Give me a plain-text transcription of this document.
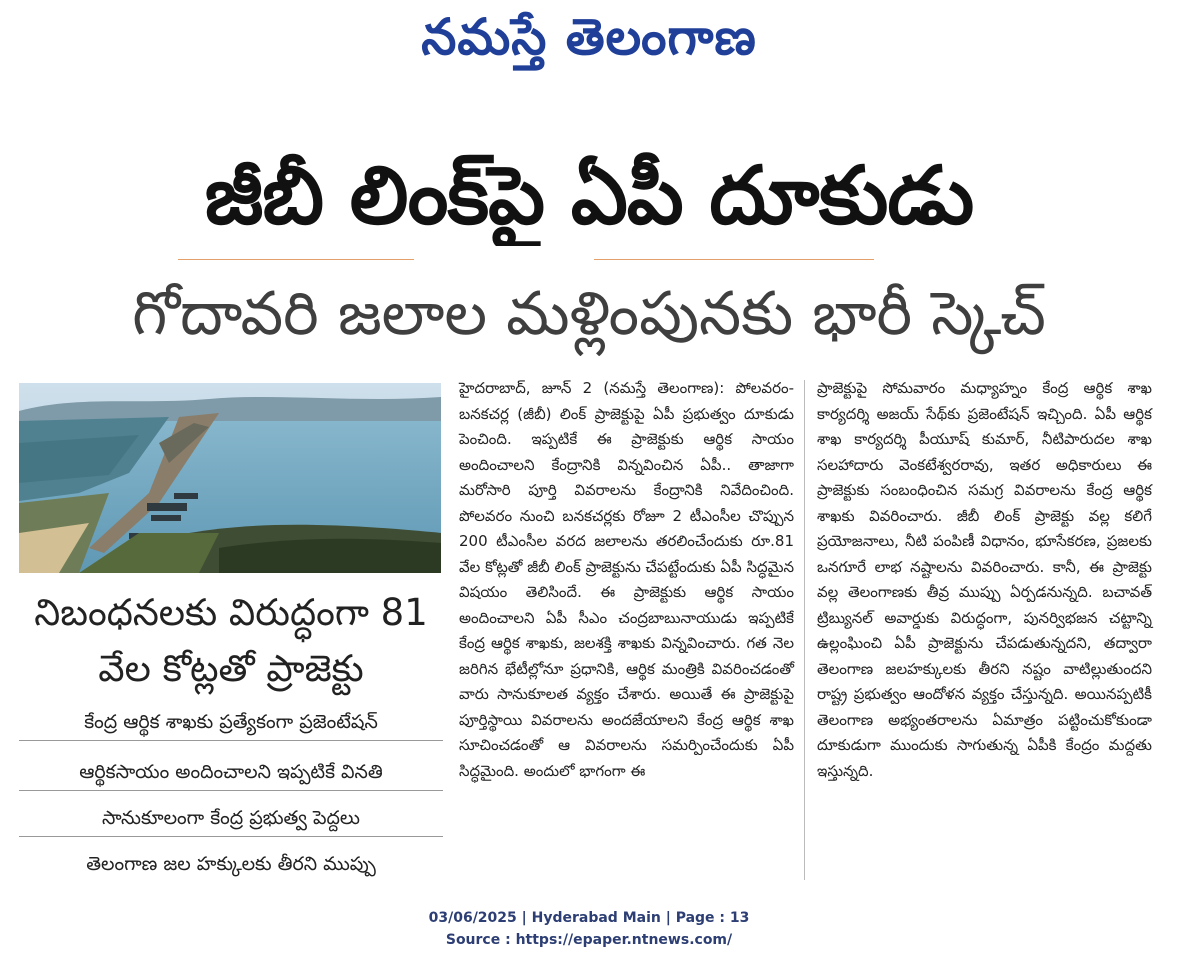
నమస్తే తెలంగాణ
జీబీ లింక్‌పై ఏపీ దూకుడు
గోదావరి జలాల మళ్లింపునకు భారీ స్కెచ్
నిబంధనలకు విరుద్ధంగా 81 వేల కోట్లతో ప్రాజెక్టు
కేంద్ర ఆర్థిక శాఖకు ప్రత్యేకంగా ప్రజెంటేషన్
ఆర్థికసాయం అందించాలని ఇప్పటికే వినతి
సానుకూలంగా కేంద్ర ప్రభుత్వ పెద్దలు
తెలంగాణ జల హక్కులకు తీరని ముప్పు

హైదరాబాద్, జూన్ 2 (నమస్తే తెలంగాణ): పోలవరం-బనకచర్ల (జీబీ) లింక్ ప్రాజెక్టుపై ఏపీ ప్రభుత్వం దూకుడు పెంచింది. ఇప్పటికే ఈ ప్రాజెక్టుకు ఆర్థిక సాయం అందించాలని కేంద్రానికి విన్నవించిన ఏపీ.. తాజాగా మరోసారి పూర్తి వివరాలను కేంద్రానికి నివేదించింది. పోలవరం నుంచి బనకచర్లకు రోజూ 2 టీఎంసీల చొప్పున 200 టీఎంసీల వరద జలాలను తరలించేందుకు రూ.81 వేల కోట్లతో జీబీ లింక్ ప్రాజెక్టును చేపట్టేందుకు ఏపీ సిద్ధమైన విషయం తెలిసిందే. ఈ ప్రాజెక్టుకు ఆర్థిక సాయం అందించాలని ఏపీ సీఎం చంద్రబాబునాయుడు ఇప్పటికే కేంద్ర ఆర్థిక శాఖకు, జలశక్తి శాఖకు విన్నవించారు. గత నెల జరిగిన భేటీల్లోనూ ప్రధానికి, ఆర్థిక మంత్రికి వివరించడంతో వారు సానుకూలత వ్యక్తం చేశారు. అయితే ఈ ప్రాజెక్టుపై పూర్తిస్థాయి వివరాలను అందజేయాలని కేంద్ర ఆర్థిక శాఖ సూచించడంతో ఆ వివరాలను సమర్పించేందుకు ఏపీ సిద్ధమైంది. అందులో భాగంగా ఈ

ప్రాజెక్టుపై సోమవారం మధ్యాహ్నం కేంద్ర ఆర్థిక శాఖ కార్యదర్శి అజయ్ సేథ్‌కు ప్రజెంటేషన్ ఇచ్చింది. ఏపీ ఆర్థిక శాఖ కార్యదర్శి పీయూష్ కుమార్, నీటిపారుదల శాఖ సలహాదారు వెంకటేశ్వరరావు, ఇతర అధికారులు ఈ ప్రాజెక్టుకు సంబంధించిన సమగ్ర వివరాలను కేంద్ర ఆర్థిక శాఖకు వివరించారు. జీబీ లింక్ ప్రాజెక్టు వల్ల కలిగే ప్రయోజనాలు, నీటి పంపిణీ విధానం, భూసేకరణ, ప్రజలకు ఒనగూరే లాభ నష్టాలను వివరించారు. కానీ, ఈ ప్రాజెక్టు వల్ల తెలంగాణకు తీవ్ర ముప్పు ఏర్పడనున్నది. బచావత్ ట్రిబ్యునల్ అవార్డుకు విరుద్ధంగా, పునర్విభజన చట్టాన్ని ఉల్లంఘించి ఏపీ ప్రాజెక్టును చేపడుతున్నదని, తద్వారా తెలంగాణ జలహక్కులకు తీరని నష్టం వాటిల్లుతుందని రాష్ట్ర ప్రభుత్వం ఆందోళన వ్యక్తం చేస్తున్నది. అయినప్పటికీ తెలంగాణ అభ్యంతరాలను ఏమాత్రం పట్టించుకోకుండా దూకుడుగా ముందుకు సాగుతున్న ఏపీకి కేంద్రం మద్దతు ఇస్తున్నది.

03/06/2025 | Hyderabad Main | Page : 13
Source : https://epaper.ntnews.com/
